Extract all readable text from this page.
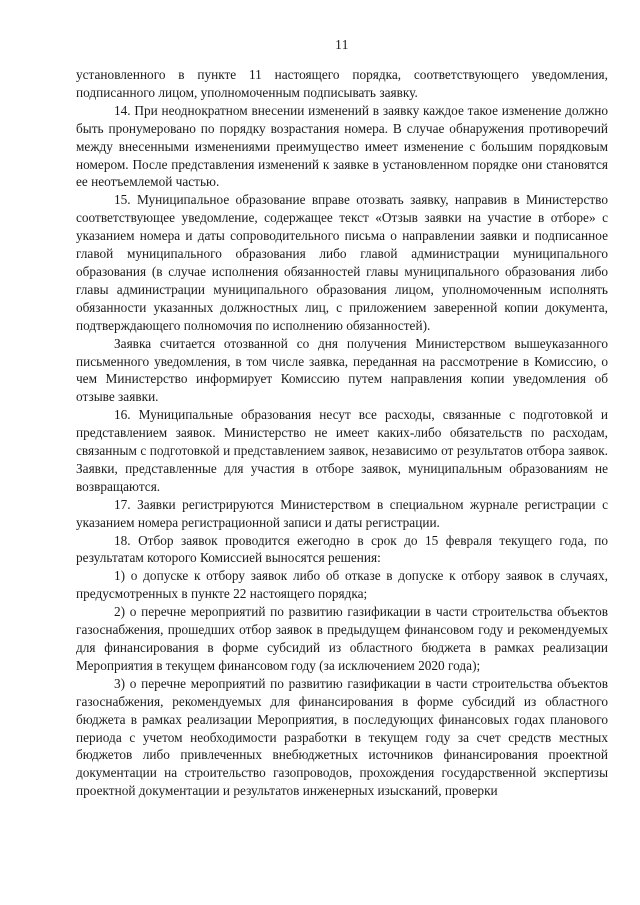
11

установленного в пункте 11 настоящего порядка, соответствующего уведомления, подписанного лицом, уполномоченным подписывать заявку.

14. При неоднократном внесении изменений в заявку каждое такое изменение должно быть пронумеровано по порядку возрастания номера. В случае обнаружения противоречий между внесенными изменениями преимущество имеет изменение с большим порядковым номером. После представления изменений к заявке в установленном порядке они становятся ее неотъемлемой частью.

15. Муниципальное образование вправе отозвать заявку, направив в Министерство соответствующее уведомление, содержащее текст «Отзыв заявки на участие в отборе» с указанием номера и даты сопроводительного письма о направлении заявки и подписанное главой муниципального образования либо главой администрации муниципального образования (в случае исполнения обязанностей главы муниципального образования либо главы администрации муниципального образования лицом, уполномоченным исполнять обязанности указанных должностных лиц, с приложением заверенной копии документа, подтверждающего полномочия по исполнению обязанностей).

Заявка считается отозванной со дня получения Министерством вышеуказанного письменного уведомления, в том числе заявка, переданная на рассмотрение в Комиссию, о чем Министерство информирует Комиссию путем направления копии уведомления об отзыве заявки.

16. Муниципальные образования несут все расходы, связанные с подготовкой и представлением заявок. Министерство не имеет каких-либо обязательств по расходам, связанным с подготовкой и представлением заявок, независимо от результатов отбора заявок. Заявки, представленные для участия в отборе заявок, муниципальным образованиям не возвращаются.

17. Заявки регистрируются Министерством в специальном журнале регистрации с указанием номера регистрационной записи и даты регистрации.

18. Отбор заявок проводится ежегодно в срок до 15 февраля текущего года, по результатам которого Комиссией выносятся решения:

1) о допуске к отбору заявок либо об отказе в допуске к отбору заявок в случаях, предусмотренных в пункте 22 настоящего порядка;

2) о перечне мероприятий по развитию газификации в части строительства объектов газоснабжения, прошедших отбор заявок в предыдущем финансовом году и рекомендуемых для финансирования в форме субсидий из областного бюджета в рамках реализации Мероприятия в текущем финансовом году (за исключением 2020 года);

3) о перечне мероприятий по развитию газификации в части строительства объектов газоснабжения, рекомендуемых для финансирования в форме субсидий из областного бюджета в рамках реализации Мероприятия, в последующих финансовых годах планового периода с учетом необходимости разработки в текущем году за счет средств местных бюджетов либо привлеченных внебюджетных источников финансирования проектной документации на строительство газопроводов, прохождения государственной экспертизы проектной документации и результатов инженерных изысканий, проверки
